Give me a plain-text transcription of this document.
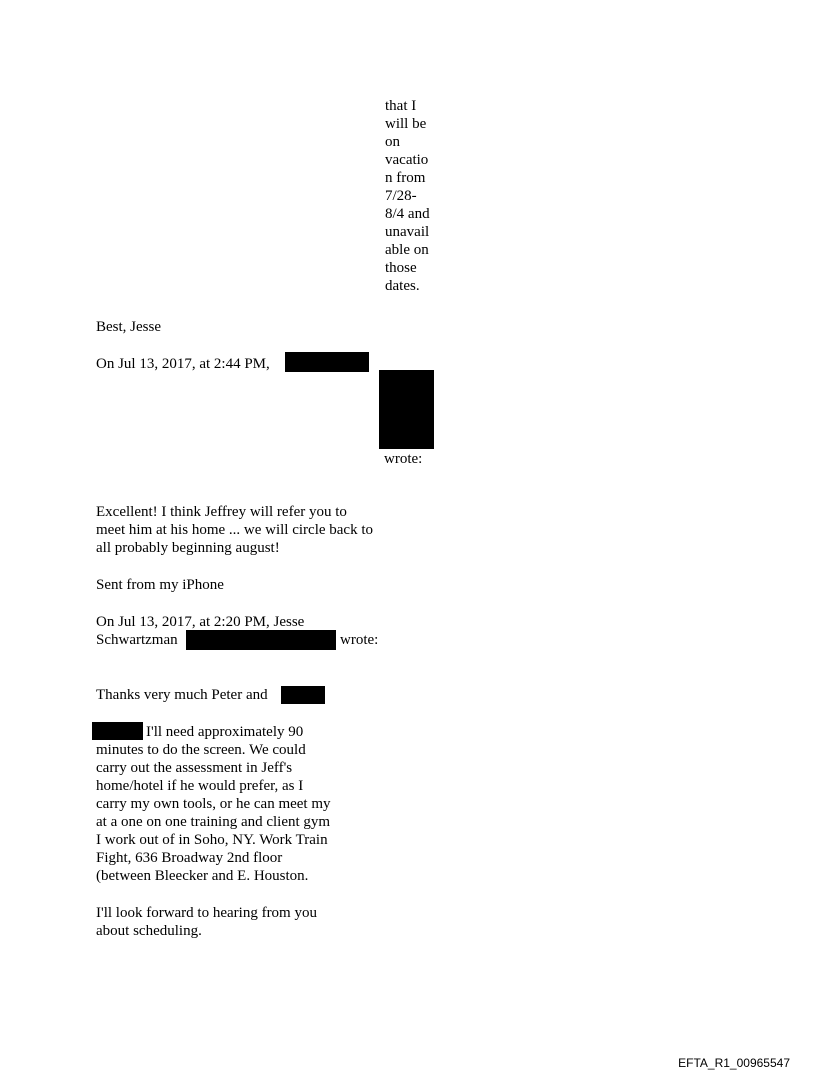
that I
will be
on
vacatio
n from
7/28-
8/4 and
unavail
able on
those
dates.
Best, Jesse
On Jul 13, 2017, at 2:44 PM,
wrote:
Excellent! I think Jeffrey will refer you to
meet him at his home ... we will circle back to
all probably beginning august!
Sent from my iPhone
On Jul 13, 2017, at 2:20 PM, Jesse
Schwartzman	wrote:
Thanks very much Peter and
I'll need approximately 90
minutes to do the screen. We could
carry out the assessment in Jeff's
home/hotel if he would prefer, as I
carry my own tools, or he can meet my
at a one on one training and client gym
I work out of in Soho, NY. Work Train
Fight, 636 Broadway 2nd floor
(between Bleecker and E. Houston.
I'll look forward to hearing from you
about scheduling.
EFTA_R1_00965547
